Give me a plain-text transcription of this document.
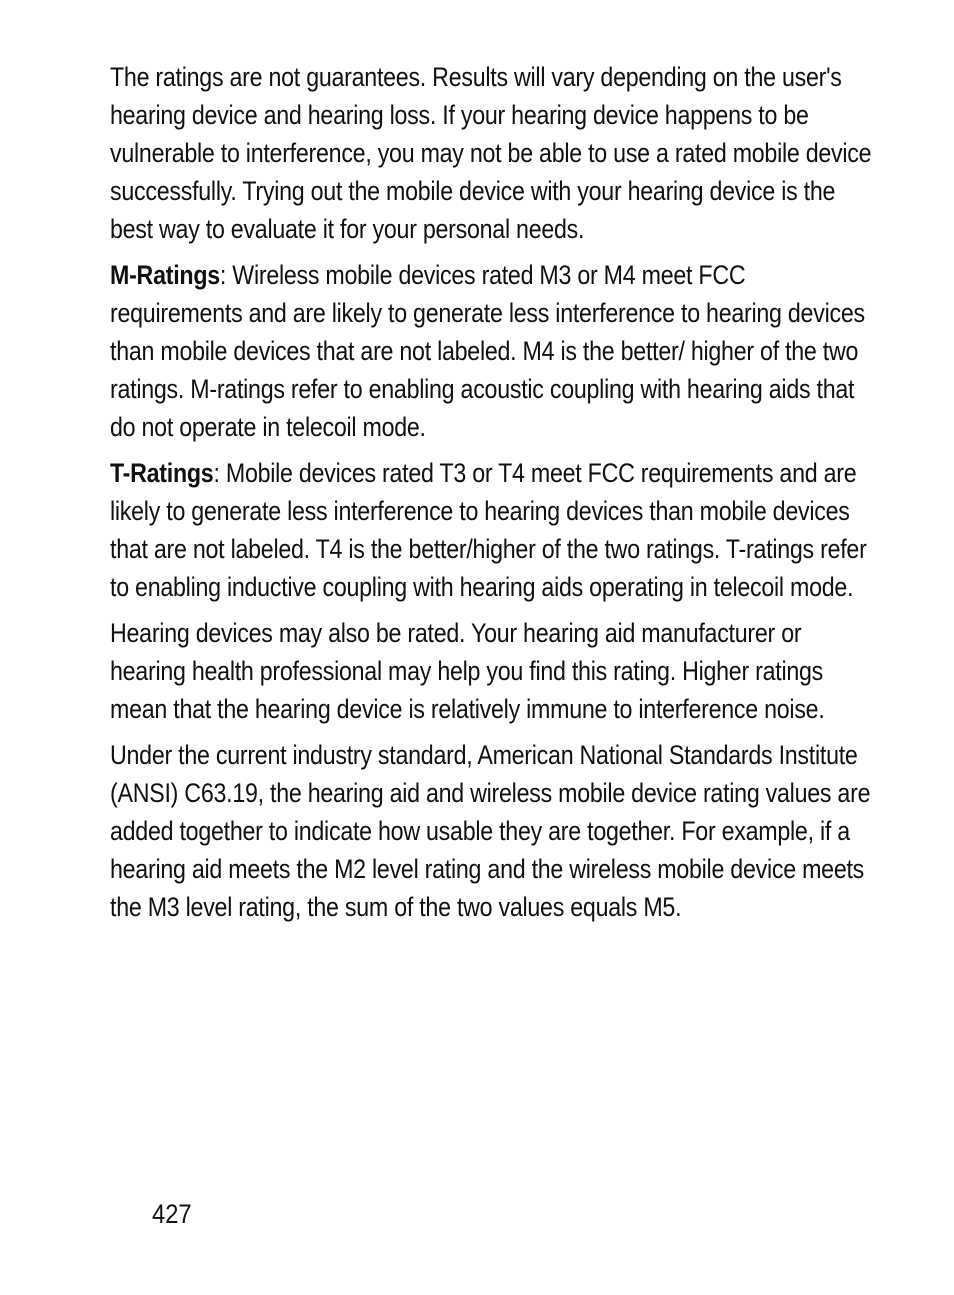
The ratings are not guarantees. Results will vary depending on the user's hearing device and hearing loss. If your hearing device happens to be vulnerable to interference, you may not be able to use a rated mobile device successfully. Trying out the mobile device with your hearing device is the best way to evaluate it for your personal needs.

M-Ratings: Wireless mobile devices rated M3 or M4 meet FCC requirements and are likely to generate less interference to hearing devices than mobile devices that are not labeled. M4 is the better/ higher of the two ratings. M-ratings refer to enabling acoustic coupling with hearing aids that do not operate in telecoil mode.

T-Ratings: Mobile devices rated T3 or T4 meet FCC requirements and are likely to generate less interference to hearing devices than mobile devices that are not labeled. T4 is the better/higher of the two ratings. T-ratings refer to enabling inductive coupling with hearing aids operating in telecoil mode.

Hearing devices may also be rated. Your hearing aid manufacturer or hearing health professional may help you find this rating. Higher ratings mean that the hearing device is relatively immune to interference noise.

Under the current industry standard, American National Standards Institute (ANSI) C63.19, the hearing aid and wireless mobile device rating values are added together to indicate how usable they are together. For example, if a hearing aid meets the M2 level rating and the wireless mobile device meets the M3 level rating, the sum of the two values equals M5.

427
